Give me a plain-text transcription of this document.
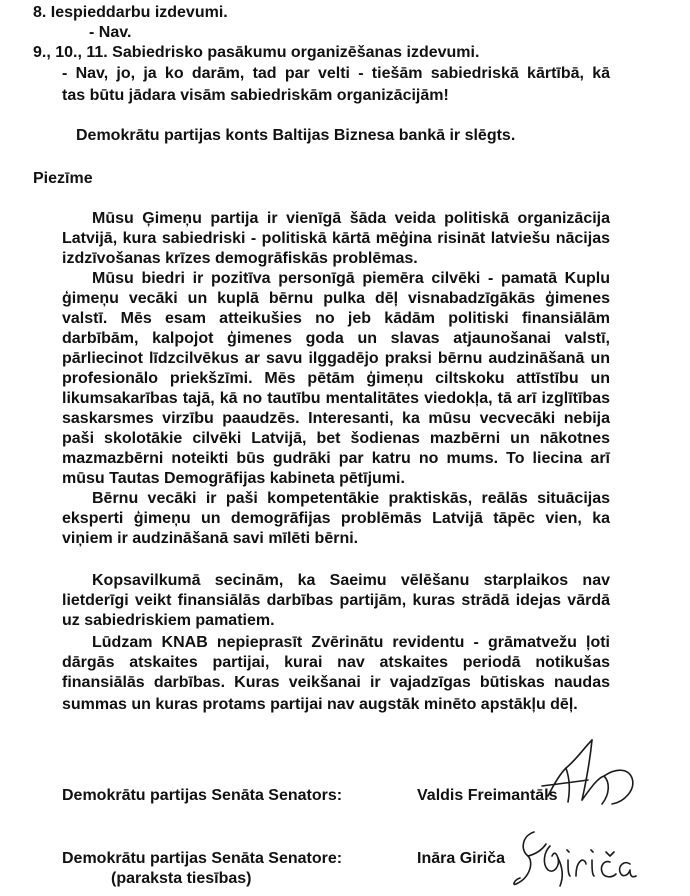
8. Iespieddarbu izdevumi.
- Nav.
9., 10., 11. Sabiedrisko pasākumu organizēšanas izdevumi.
- Nav, jo, ja ko darām, tad par velti - tiešām sabiedriskā kārtībā, kā
tas būtu jādara visām sabiedriskām organizācijām!
Demokrātu partijas konts Baltijas Biznesa bankā ir slēgts.
Piezīme
Mūsu Ģimeņu partija ir vienīgā šāda veida politiskā organizācija
Latvijā, kura sabiedriski - politiskā kārtā mēģina risināt latviešu nācijas
izdzīvošanas krīzes demogrāfiskās problēmas.
Mūsu biedri ir pozitīva personīgā piemēra cilvēki - pamatā Kuplu
ģimeņu vecāki un kuplā bērnu pulka dēļ visnabadzīgākās ģimenes
valstī. Mēs esam atteikušies no jeb kādām politiski finansiālām
darbībām, kalpojot ģimenes goda un slavas atjaunošanai valstī,
pārliecinot līdzcilvēkus ar savu ilggadējo praksi bērnu audzināšanā un
profesionālo priekšzīmi. Mēs pētām ģimeņu ciltskoku attīstību un
likumsakarības tajā, kā no tautību mentalitātes viedokļa, tā arī izglītības
saskarsmes virzību paaudzēs. Interesanti, ka mūsu vecvecāki nebija
paši skolotākie cilvēki Latvijā, bet šodienas mazbērni un nākotnes
mazmazbērni noteikti būs gudrāki par katru no mums. To liecina arī
mūsu Tautas Demogrāfijas kabineta pētījumi.
Bērnu vecāki ir paši kompetentākie praktiskās, reālās situācijas
eksperti ģimeņu un demogrāfijas problēmās Latvijā tāpēc vien, ka
viņiem ir audzināšanā savi mīlēti bērni.
Kopsavilkumā secinām, ka Saeimu vēlēšanu starplaikos nav
lietderīgi veikt finansiālās darbības partijām, kuras strādā idejas vārdā
uz sabiedriskiem pamatiem.
Lūdzam KNAB nepieprasīt Zvērinātu revidentu - grāmatvežu ļoti
dārgās atskaites partijai, kurai nav atskaites periodā notikušas
finansiālās darbības. Kuras veikšanai ir vajadzīgas būtiskas naudas
summas un kuras protams partijai nav augstāk minēto apstākļu dēļ.
Demokrātu partijas Senāta Senators:	Valdis Freimantāls
Demokrātu partijas Senāta Senatore:
(paraksta tiesības)
Ināra Giriča
